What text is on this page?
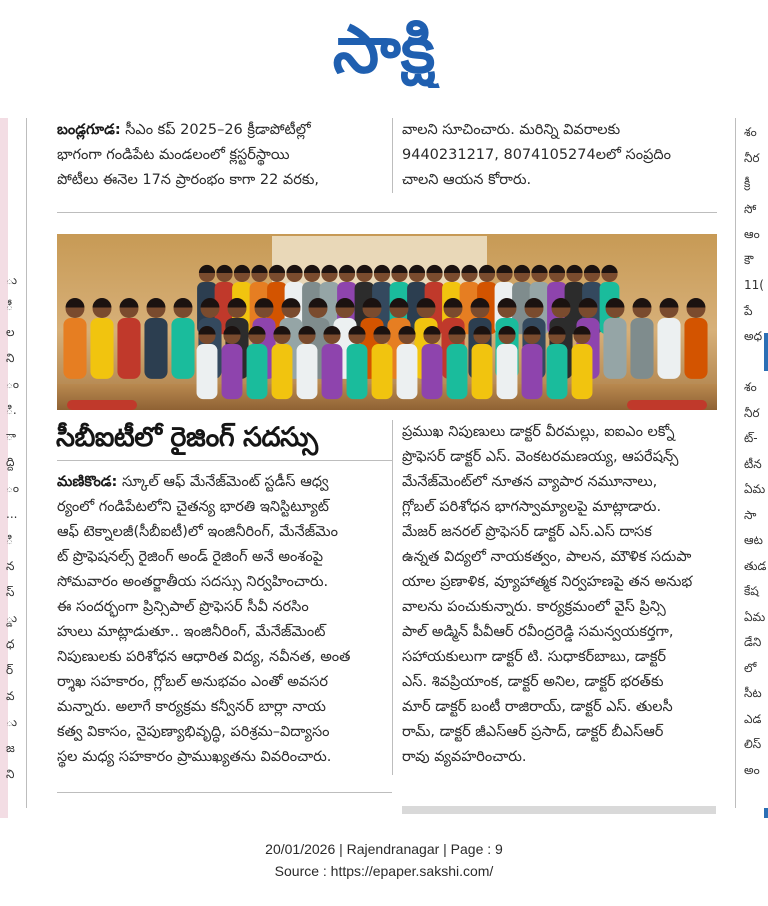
సాక్షి
ు
ీ
ల
ని
ం
ి.
ా
ద్ది
ం
...
ి
న
స్
్డు
ధ
ర్
వ
ు
జ
ని
శం
నీర
క్రీ
సో
ఆం
కౌ
11(
పే
అధ
శం
నీర
ట్‌-
టీన
ఏమ
సా
ఆట
తుడ
కేష
ఏమ
డేని
లో
సీట
ఎడ
లిస్
అం
బండ్లగూడ: సీఎం కప్ 2025–26 క్రీడాపోటీల్లో
భాగంగా గండిపేట మండలంలో క్లస్టర్‌స్థాయి
పోటీలు ఈనెల 17న ప్రారంభం కాగా 22 వరకు,
వాలని సూచించారు. మరిన్ని వివరాలకు
9440231217, 8074105274లలో సంప్రదిం
చాలని ఆయన కోరారు.
సీబీఐటీలో రైజింగ్ సదస్సు
మణికొండ: స్కూల్ ఆఫ్ మేనేజ్‌మెంట్ స్టడీస్ ఆధ్వ
ర్యంలో గండిపేటలోని చైతన్య భారతి ఇనిస్టిట్యూట్
ఆఫ్ టెక్నాలజీ(సీబీఐటీ)లో ఇంజినీరింగ్, మేనేజ్‌మెం
ట్ ప్రొఫెషనల్స్ రైజింగ్ అండ్ రైజింగ్ అనే అంశంపై
సోమవారం అంతర్జాతీయ సదస్సు నిర్వహించారు.
ఈ సందర్భంగా ప్రిన్సిపాల్ ప్రొఫెసర్ సీవీ నరసిం
హులు మాట్లాడుతూ.. ఇంజినీరింగ్, మేనేజ్‌మెంట్
నిపుణులకు పరిశోధన ఆధారిత విద్య, నవీనత, అంత
ర్శాఖ సహకారం, గ్లోబల్ అనుభవం ఎంతో అవసర
మన్నారు. అలాగే కార్యక్రమ కన్వీనర్ బార్లా నాయ
కత్వ వికాసం, నైపుణ్యాభివృద్ధి, పరిశ్రమ–విద్యాసం
స్థల మధ్య సహకారం ప్రాముఖ్యతను వివరించారు.
ప్రముఖ నిపుణులు డాక్టర్ వీరమల్లు, ఐఐఎం లక్నో
ప్రొఫెసర్ డాక్టర్ ఎస్. వెంకటరమణయ్య, ఆపరేషన్స్
మేనేజ్‌మెంట్‌లో నూతన వ్యాపార నమూనాలు,
గ్లోబల్ పరిశోధన భాగస్వామ్యాలపై మాట్లాడారు.
మేజర్ జనరల్ ప్రొఫెసర్ డాక్టర్ ఎస్.ఎస్ దాసక
ఉన్నత విద్యలో నాయకత్వం, పాలన, మౌళిక సదుపా
యాల ప్రణాళిక, వ్యూహాత్మక నిర్వహణపై తన అనుభ
వాలను పంచుకున్నారు. కార్యక్రమంలో వైస్ ప్రిన్సి
పాల్ అడ్మిన్ పీవీఆర్ రవీంద్రరెడ్డి సమన్వయకర్తగా,
సహాయకులుగా డాక్టర్ టి. సుధాకర్‌బాబు, డాక్టర్
ఎస్. శివప్రియాంక, డాక్టర్ అనిల, డాక్టర్ భరత్‌కు
మార్ డాక్టర్ బంటీ రాజిరాయ్, డాక్టర్ ఎస్. తులసీ
రామ్, డాక్టర్ జీఎస్ఆర్ ప్రసాద్, డాక్టర్ బీఎస్ఆర్
రావు వ్యవహరించారు.
20/01/2026 | Rajendranagar | Page : 9
Source : https://epaper.sakshi.com/
